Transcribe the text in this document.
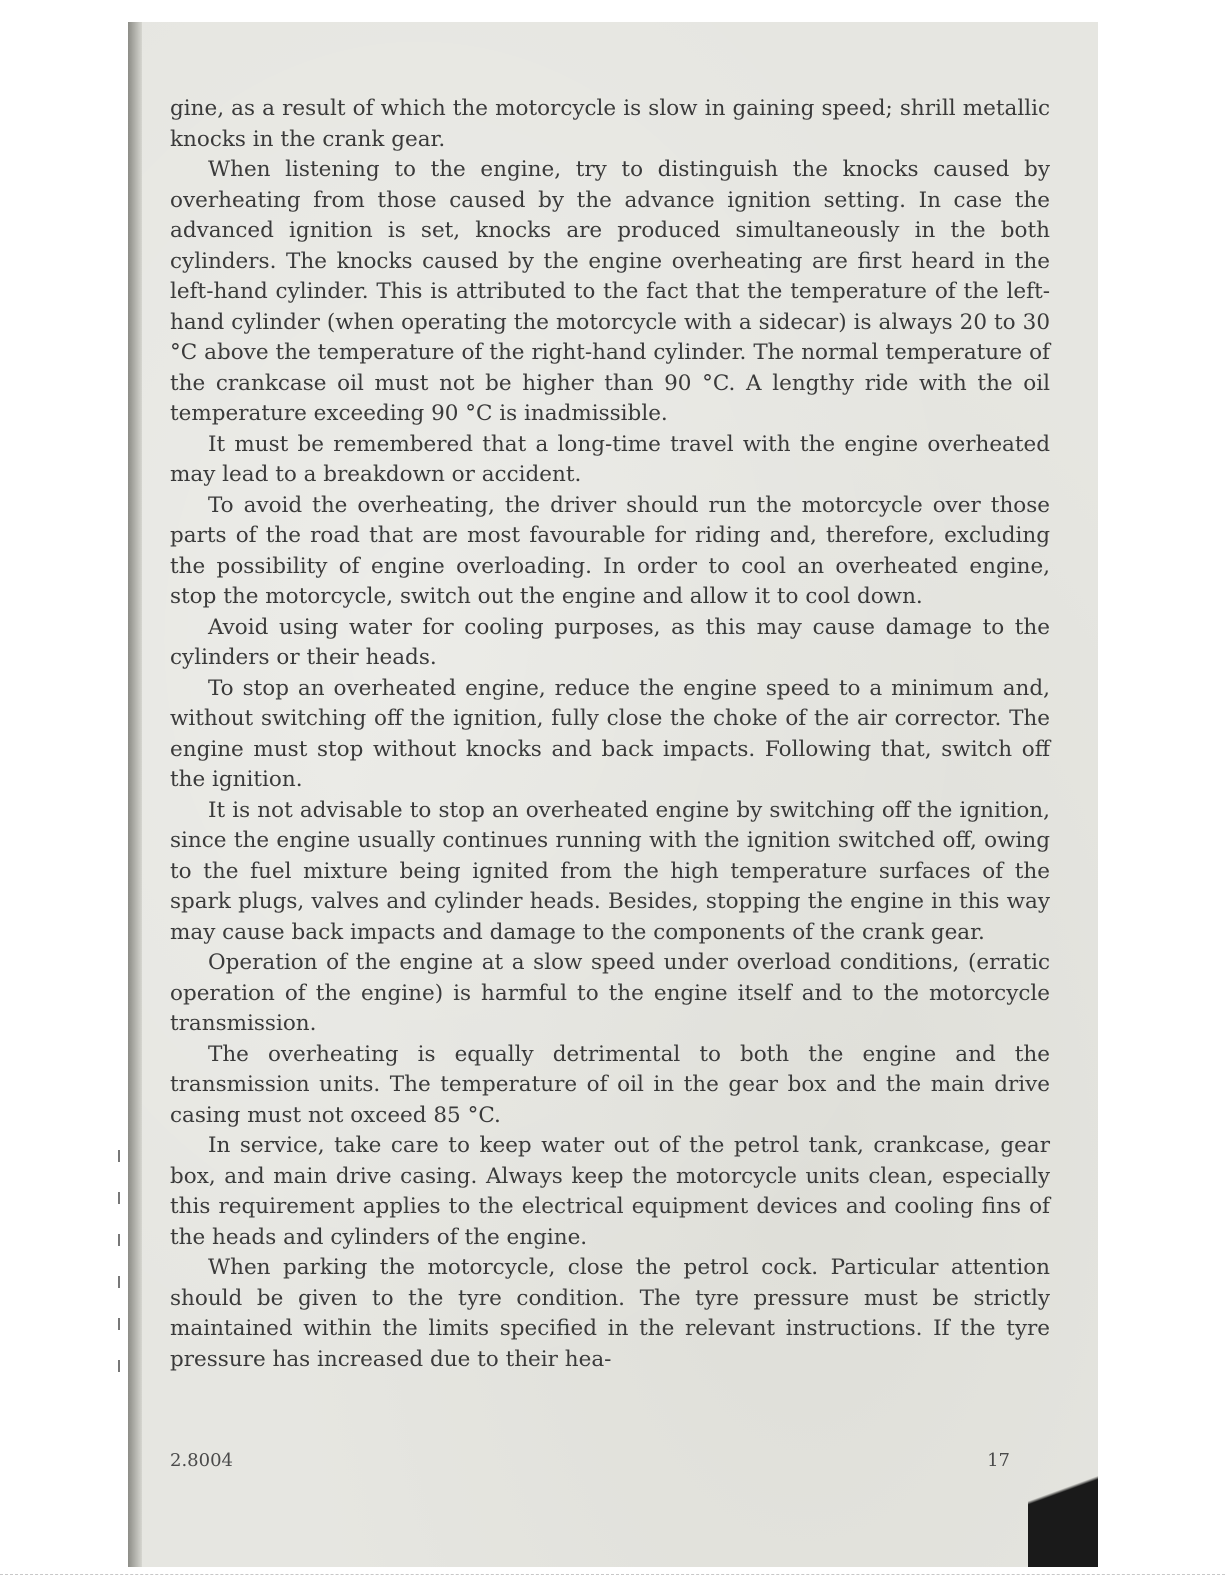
gine, as a result of which the motorcycle is slow in gaining speed; shrill metallic knocks in the crank gear.

When listening to the engine, try to distinguish the knocks caused by overheating from those caused by the advance ignition setting. In case the advanced ignition is set, knocks are produced simultaneously in the both cylinders. The knocks caused by the engine overheating are first heard in the left-hand cylinder. This is attributed to the fact that the temperature of the left-hand cylinder (when operating the motorcycle with a sidecar) is always 20 to 30 °C above the temperature of the right-hand cylinder. The normal temperature of the crankcase oil must not be higher than 90 °C. A lengthy ride with the oil temperature exceeding 90 °C is inadmissible.

It must be remembered that a long-time travel with the engine overheated may lead to a breakdown or accident.

To avoid the overheating, the driver should run the motorcycle over those parts of the road that are most favourable for riding and, therefore, excluding the possibility of engine overloading. In order to cool an overheated engine, stop the motorcycle, switch out the engine and allow it to cool down.

Avoid using water for cooling purposes, as this may cause damage to the cylinders or their heads.

To stop an overheated engine, reduce the engine speed to a minimum and, without switching off the ignition, fully close the choke of the air corrector. The engine must stop without knocks and back impacts. Following that, switch off the ignition.

It is not advisable to stop an overheated engine by switching off the ignition, since the engine usually continues running with the ignition switched off, owing to the fuel mixture being ignited from the high temperature surfaces of the spark plugs, valves and cylinder heads. Besides, stopping the engine in this way may cause back impacts and damage to the components of the crank gear.

Operation of the engine at a slow speed under overload conditions, (erratic operation of the engine) is harmful to the engine itself and to the motorcycle transmission.

The overheating is equally detrimental to both the engine and the transmission units. The temperature of oil in the gear box and the main drive casing must not oxceed 85 °C.

In service, take care to keep water out of the petrol tank, crankcase, gear box, and main drive casing. Always keep the motorcycle units clean, especially this requirement applies to the electrical equipment devices and cooling fins of the heads and cylinders of the engine.

When parking the motorcycle, close the petrol cock. Particular attention should be given to the tyre condition. The tyre pressure must be strictly maintained within the limits specified in the relevant instructions. If the tyre pressure has increased due to their hea-

2.8004	17
